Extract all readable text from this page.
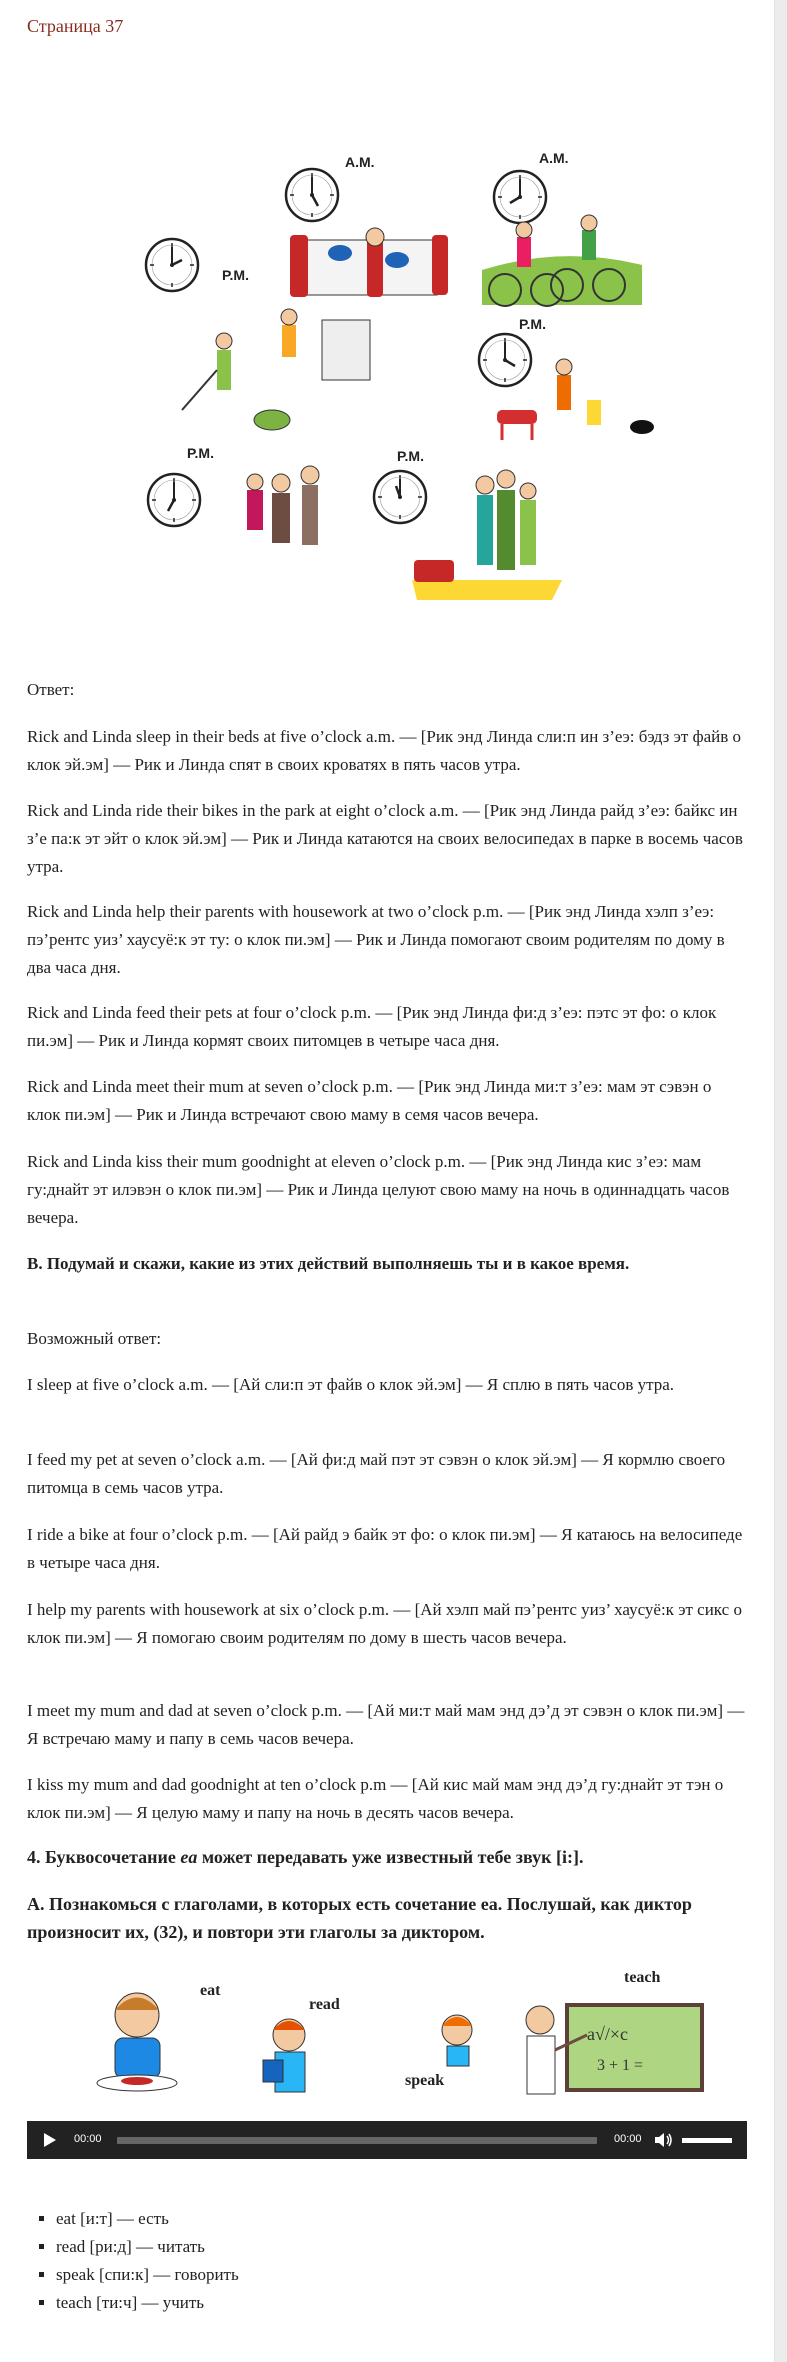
Страница 37
A.M.	A.M.
P.M.
P.M.
P.M.	P.M.

Ответ:

Rick and Linda sleep in their beds at five o’clock a.m. — [Рик энд Линда сли:п ин з’еэ: бэдз эт файв о клок эй.эм] — Рик и Линда спят в своих кроватях в пять часов утра.

Rick and Linda ride their bikes in the park at eight o’clock a.m. — [Рик энд Линда райд з’еэ: байкс ин з’е па:к эт эйт о клок эй.эм] — Рик и Линда катаются на своих велосипедах в парке в восемь часов утра.

Rick and Linda help their parents with housework at two o’clock p.m. — [Рик энд Линда хэлп з’еэ: пэ’рентс уиз’ хаусуё:к эт ту: о клок пи.эм] — Рик и Линда помогают своим родителям по дому в два часа дня.

Rick and Linda feed their pets at four o’clock p.m. — [Рик энд Линда фи:д з’еэ: пэтс эт фо: о клок пи.эм] — Рик и Линда кормят своих питомцев в четыре часа дня.

Rick and Linda meet their mum at seven o’clock p.m. — [Рик энд Линда ми:т з’еэ: мам эт сэвэн о клок пи.эм] — Рик и Линда встречают свою маму в семя часов вечера.

Rick and Linda kiss their mum goodnight at eleven o’clock p.m. — [Рик энд Линда кис з’еэ: мам гу:днайт эт илэвэн о клок пи.эм] — Рик и Линда целуют свою маму на ночь в одиннадцать часов вечера.

B. Подумай и скажи, какие из этих действий выполняешь ты и в какое время.

Возможный ответ:

I sleep at five o’clock a.m. — [Ай сли:п эт файв о клок эй.эм] — Я сплю в пять часов утра.

I feed my pet at seven o’clock a.m. — [Ай фи:д май пэт эт сэвэн о клок эй.эм] — Я кормлю своего питомца в семь часов утра.

I ride a bike at four o’clock p.m. — [Ай райд э байк эт фо: о клок пи.эм] — Я катаюсь на велосипеде в четыре часа дня.

I help my parents with housework at six o’clock p.m. — [Ай хэлп май пэ’рентс уиз’ хаусуё:к эт сикс о клок пи.эм] — Я помогаю своим родителям по дому в шесть часов вечера.

I meet my mum and dad at seven o’clock p.m. — [Ай ми:т май мам энд дэ’д эт сэвэн о клок пи.эм] — Я встречаю маму и папу в семь часов вечера.

I kiss my mum and dad goodnight at ten o’clock p.m — [Ай кис май мам энд дэ’д гу:днайт эт тэн о клок пи.эм] — Я целую маму и папу на ночь в десять часов вечера.

4. Буквосочетание ea может передавать уже известный тебе звук [i:].

A. Познакомься с глаголами, в которых есть сочетание ea. Послушай, как диктор произносит их, (32), и повтори эти глаголы за диктором.

eat
read
speak
a√/×c
3 + 1 =
teach
00:00	00:00
▪ eat [и:т] — есть
▪ read [ри:д] — читать
▪ speak [спи:к] — говорить
▪ teach [ти:ч] — учить
